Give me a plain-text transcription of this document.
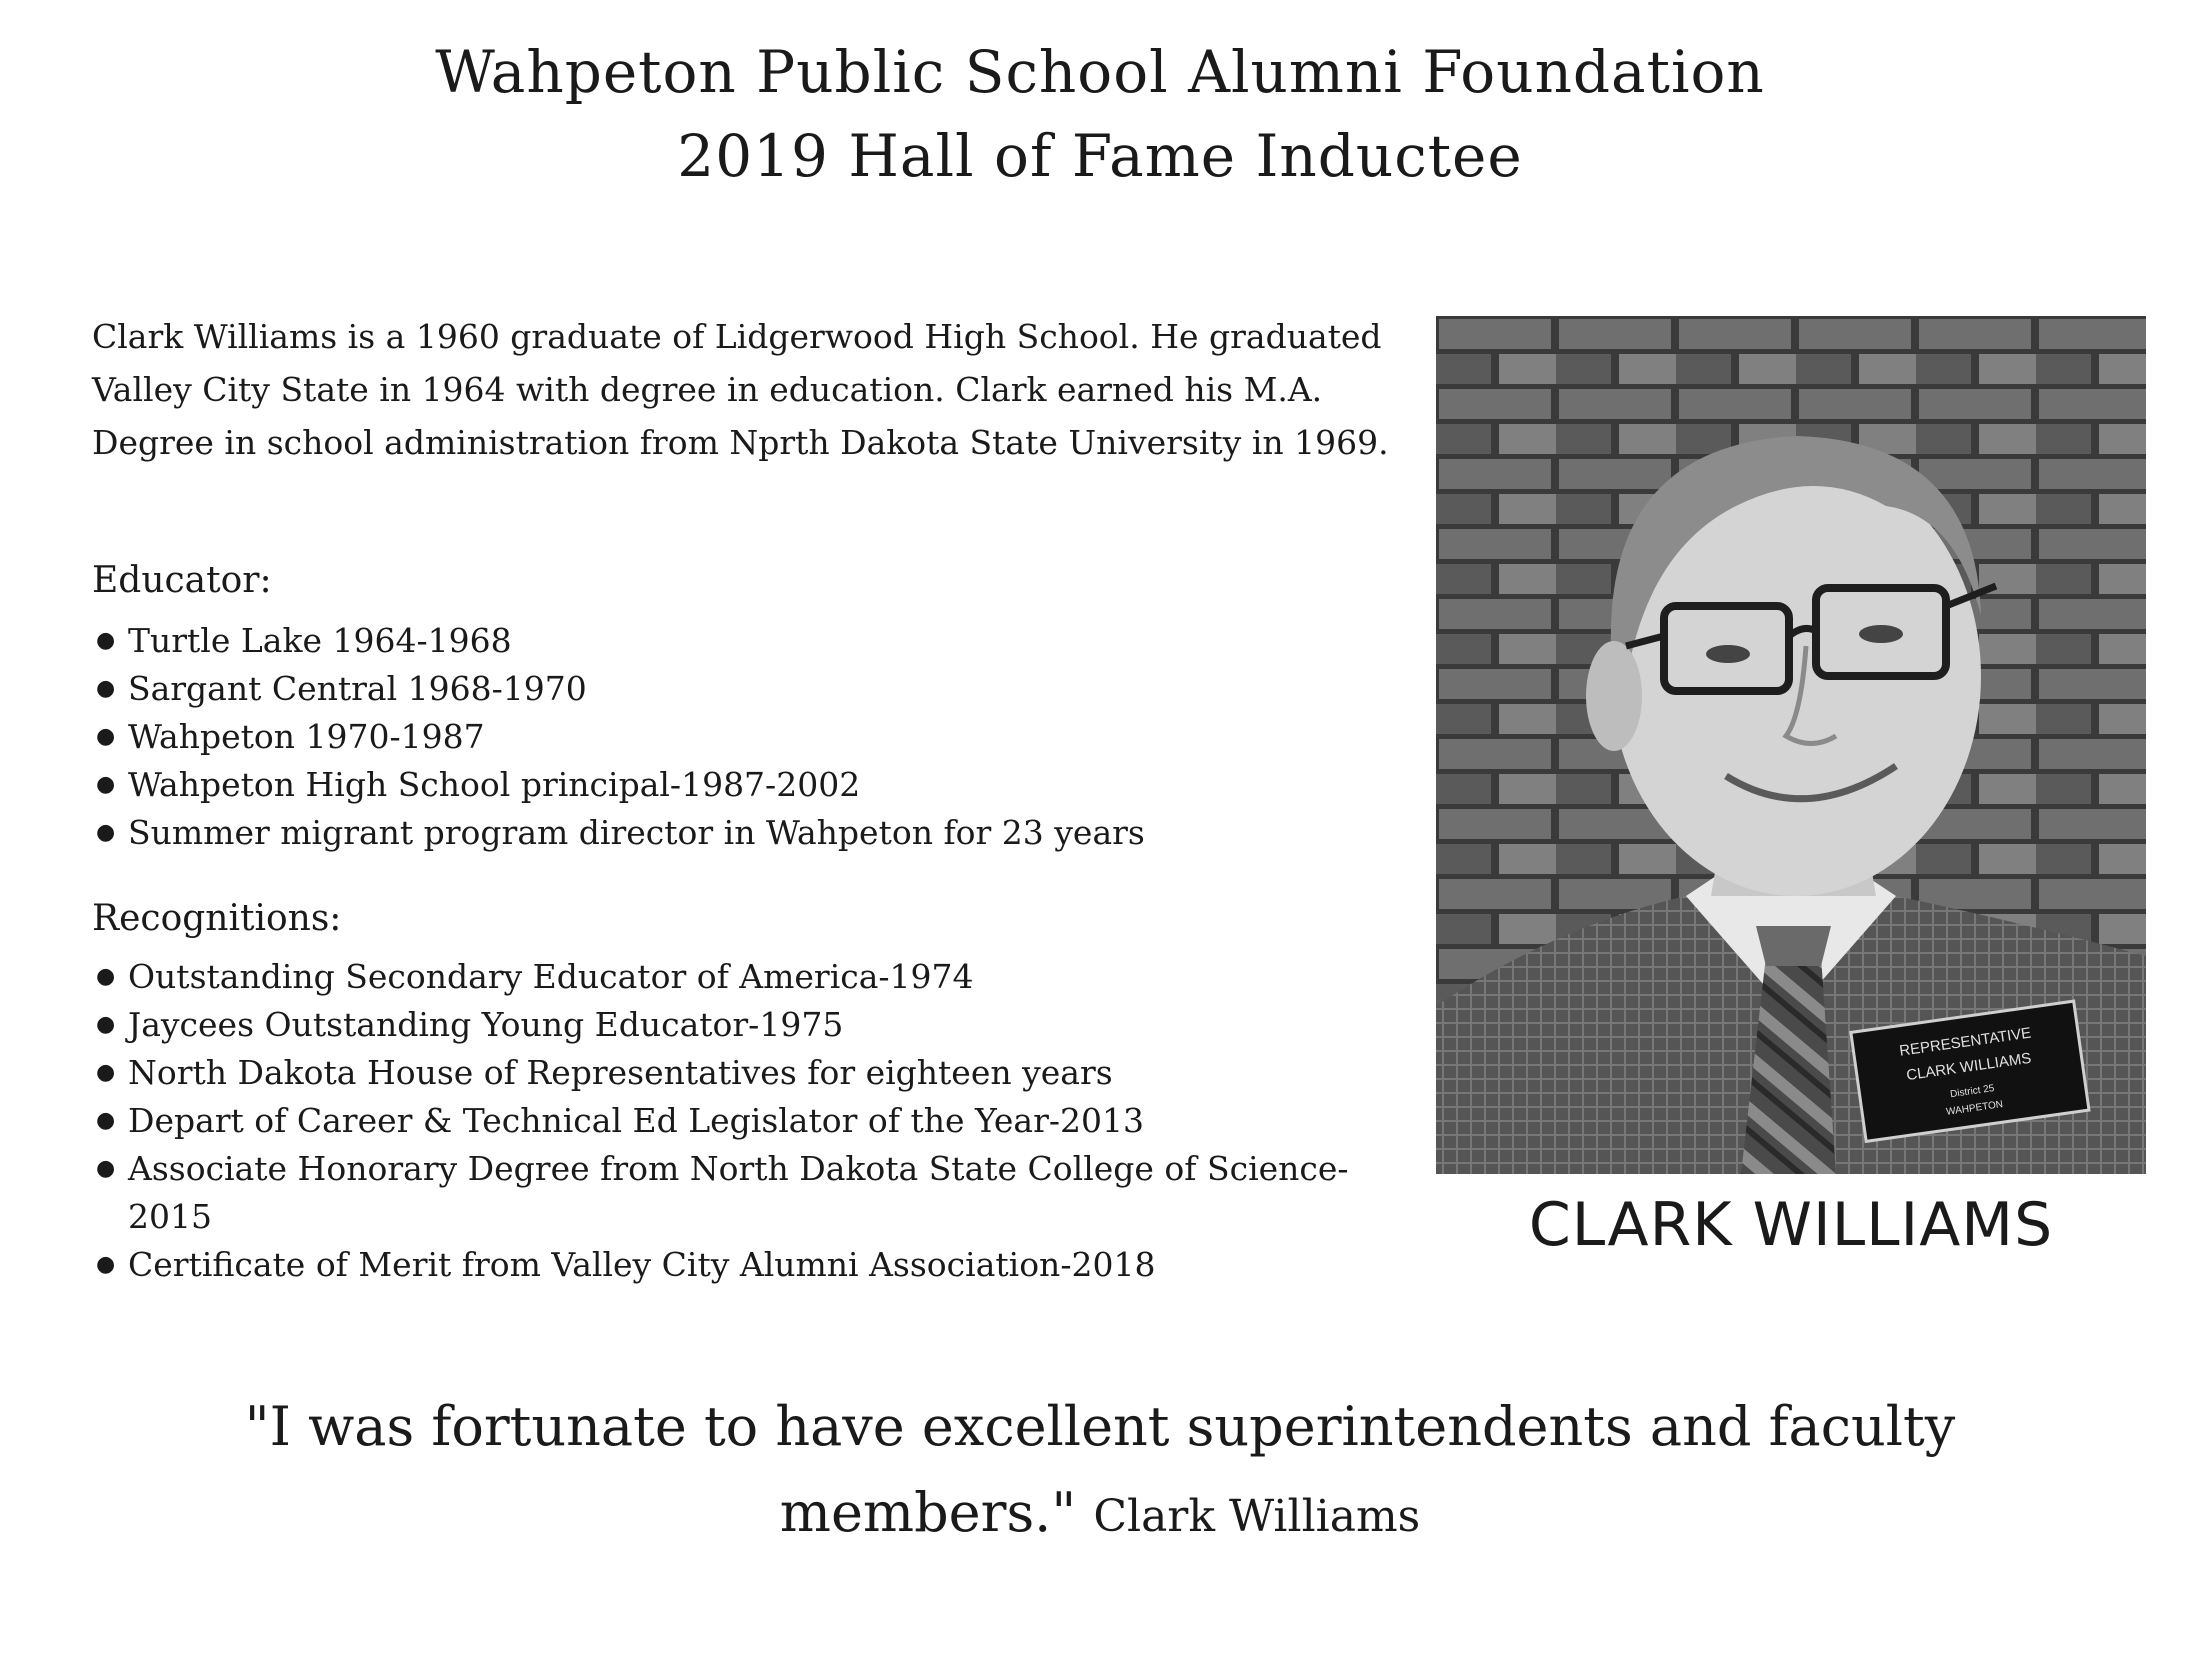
Wahpeton Public School Alumni Foundation
2019 Hall of Fame Inductee

Clark Williams is a 1960 graduate of Lidgerwood High School. He graduated Valley City State in 1964 with degree in education. Clark earned his M.A. Degree in school administration from Nprth Dakota State University in 1969.

Educator:
● Turtle Lake 1964-1968
● Sargant Central 1968-1970
● Wahpeton 1970-1987
● Wahpeton High School principal-1987-2002
● Summer migrant program director in Wahpeton for 23 years
Recognitions:
● Outstanding Secondary Educator of America-1974
● Jaycees Outstanding Young Educator-1975
● North Dakota House of Representatives for eighteen years
● Depart of Career & Technical Ed Legislator of the Year-2013
● Associate Honorary Degree from North Dakota State College of Science-2015
● Certificate of Merit from Valley City Alumni Association-2018
REPRESENTATIVE
CLARK WILLIAMS
District 25
WAHPETON
CLARK WILLIAMS
"I was fortunate to have excellent superintendents and faculty members." Clark Williams
